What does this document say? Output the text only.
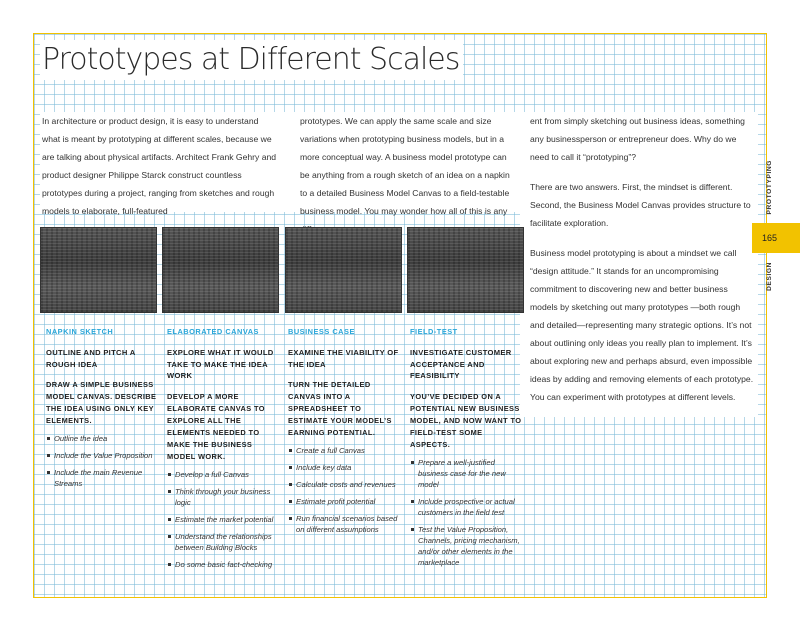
Prototypes at Different Scales

In architecture or product design, it is easy to understand what is meant by prototyping at different scales, because we are talking about physical artifacts. Architect Frank Gehry and product designer Philippe Starck construct countless prototypes during a project, ranging from sketches and rough models to elaborate, full-featured

prototypes. We can apply the same scale and size variations when prototyping business models, but in a more conceptual way. A business model prototype can be anything from a rough sketch of an idea on a napkin to a detailed Business Model Canvas to a field-testable business model. You may wonder how all of this is any

ent from simply sketching out business ideas, something any businessperson or entrepreneur does. Why do we need to call it “prototyping”?

There are two answers. First, the mindset is different. Second, the Business Model Canvas provides structure to facilitate exploration.

Business model prototyping is about a mindset we call “design attitude.” It stands for an uncompromising commitment to discovering new and better business models by sketching out many prototypes —both rough and detailed—representing many strategic options. It’s not about outlining only ideas you really plan to implement. It’s about exploring new and perhaps absurd, even impossible ideas by adding and removing elements of each prototype. You can experiment with prototypes at different levels.

NAPKIN SKETCH

OUTLINE AND PITCH A ROUGH IDEA

DRAW A SIMPLE BUSINESS MODEL CANVAS. DESCRIBE THE IDEA USING ONLY KEY ELEMENTS.

Outline the idea
Include the Value Proposition
Include the main Revenue Streams

ELABORATED CANVAS

EXPLORE WHAT IT WOULD TAKE TO MAKE THE IDEA WORK

DEVELOP A MORE ELABORATE CANVAS TO EXPLORE ALL THE ELEMENTS NEEDED TO MAKE THE BUSINESS MODEL WORK.

Develop a full Canvas
Think through your business logic
Estimate the market potential
Understand the relationships between Building Blocks
Do some basic fact-checking

BUSINESS CASE

EXAMINE THE VIABILITY OF THE IDEA

TURN THE DETAILED CANVAS INTO A SPREADSHEET TO ESTIMATE YOUR MODEL’S EARNING POTENTIAL.

Create a full Canvas
Include key data
Calculate costs and revenues
Estimate profit potential
Run financial scenarios based on different assumptions

FIELD-TEST

INVESTIGATE CUSTOMER ACCEPTANCE AND FEASIBILITY

YOU’VE DECIDED ON A POTENTIAL NEW BUSINESS MODEL, AND NOW WANT TO FIELD-TEST SOME ASPECTS.

Prepare a well-justified business case for the new model
Include prospective or actual customers in the field test
Test the Value Proposition, Channels, pricing mechanism, and/or other elements in the marketplace
PROTOTYPING
165
DESIGN
